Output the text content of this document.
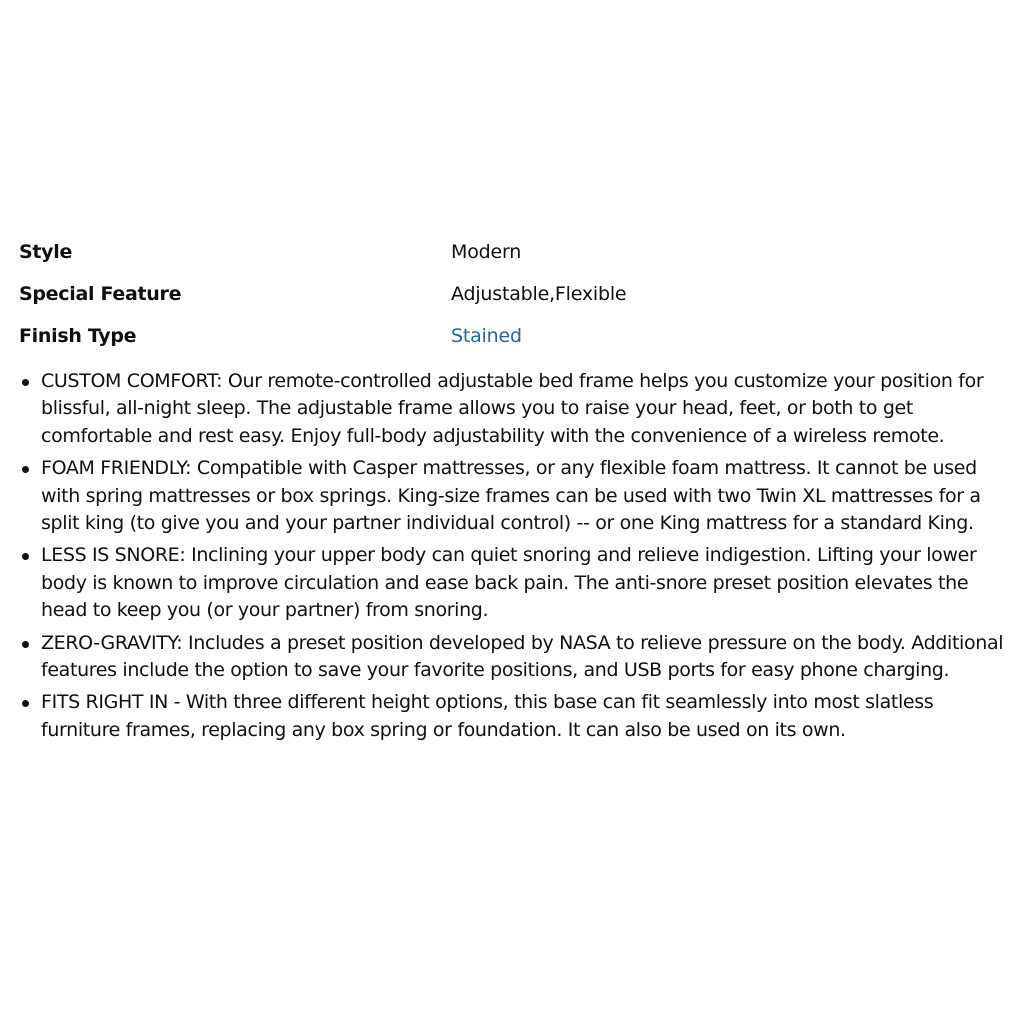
Style	Modern
Special Feature	Adjustable,Flexible
Finish Type	Stained
CUSTOM COMFORT: Our remote-controlled adjustable bed frame helps you customize your position for blissful, all-night sleep. The adjustable frame allows you to raise your head, feet, or both to get comfortable and rest easy. Enjoy full-body adjustability with the convenience of a wireless remote.
FOAM FRIENDLY: Compatible with Casper mattresses, or any flexible foam mattress. It cannot be used with spring mattresses or box springs. King-size frames can be used with two Twin XL mattresses for a split king (to give you and your partner individual control) -- or one King mattress for a standard King.
LESS IS SNORE: Inclining your upper body can quiet snoring and relieve indigestion. Lifting your lower body is known to improve circulation and ease back pain. The anti-snore preset position elevates the head to keep you (or your partner) from snoring.
ZERO-GRAVITY: Includes a preset position developed by NASA to relieve pressure on the body. Additional features include the option to save your favorite positions, and USB ports for easy phone charging.
FITS RIGHT IN - With three different height options, this base can fit seamlessly into most slatless furniture frames, replacing any box spring or foundation. It can also be used on its own.
